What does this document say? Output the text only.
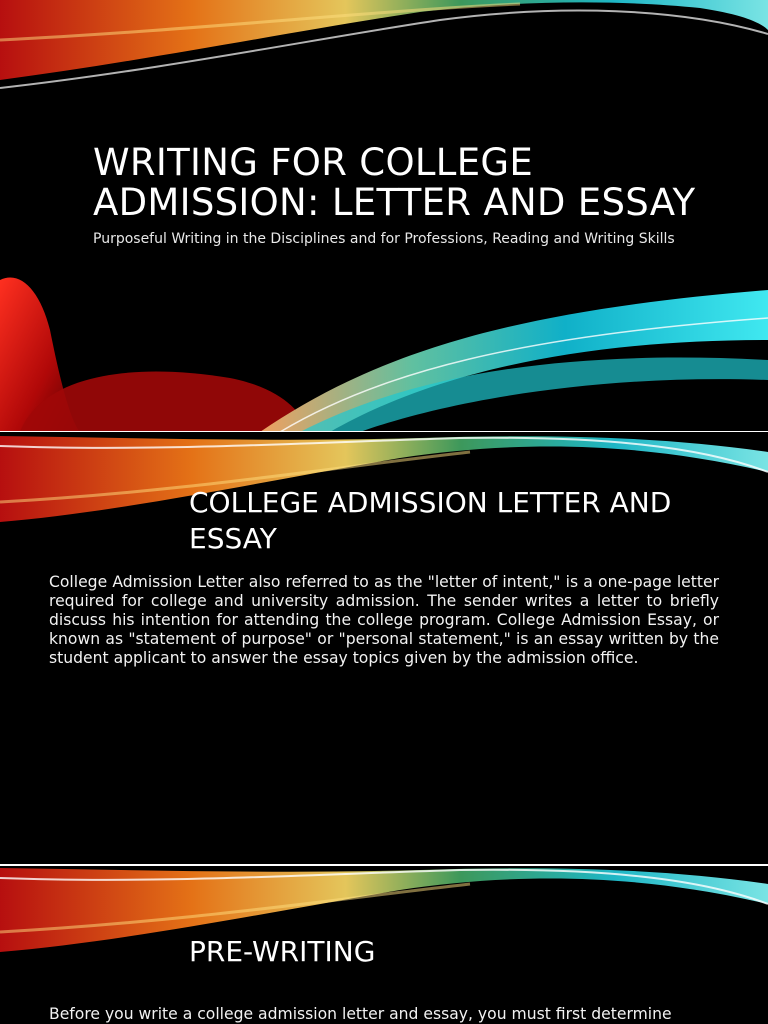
WRITING FOR COLLEGE ADMISSION: LETTER AND ESSAY

Purposeful Writing in the Disciplines and for Professions, Reading and Writing Skills

COLLEGE ADMISSION LETTER AND ESSAY

College Admission Letter also referred to as the "letter of intent," is a one-page letter required for college and university admission. The sender writes a letter to briefly discuss his intention for attending the college program. College Admission Essay, or known as "statement of purpose" or "personal statement," is an essay written by the student applicant to answer the essay topics given by the admission office.

PRE-WRITING

Before you write a college admission letter and essay, you must first determine
